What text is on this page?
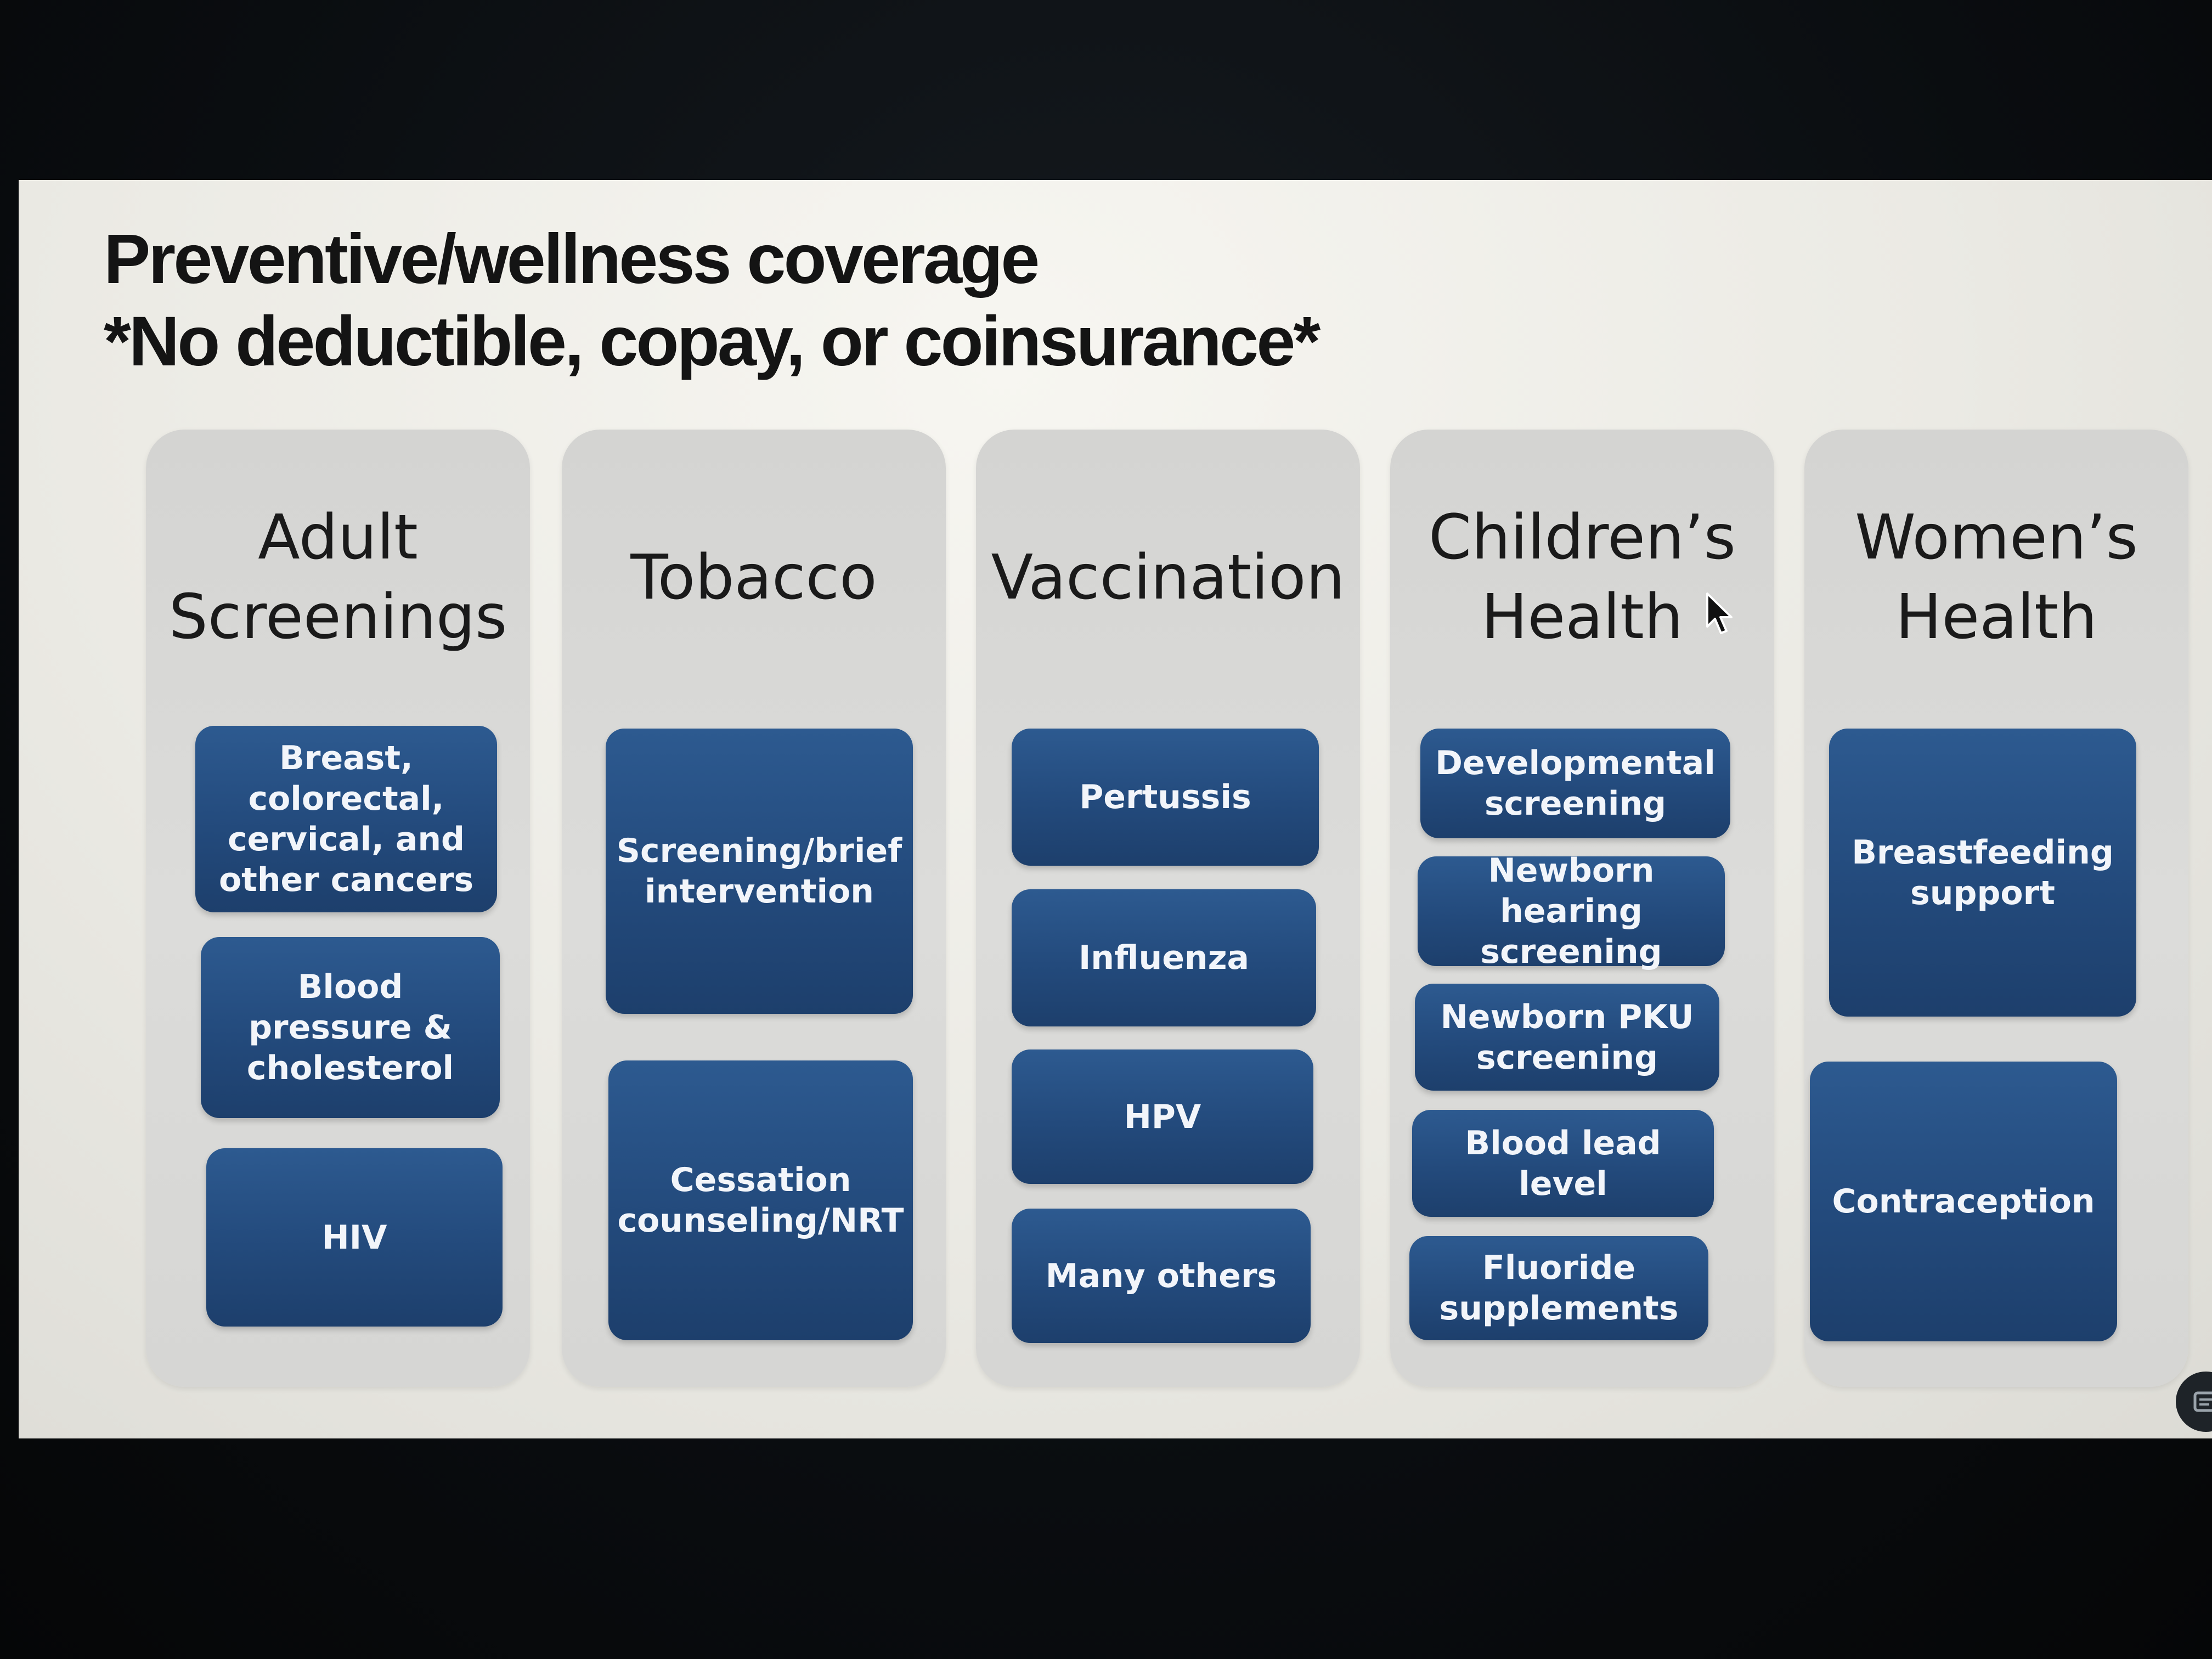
Preventive/wellness coverage
*No deductible, copay, or coinsurance*
Adult
Screenings
Breast, colorectal,
cervical, and
other cancers
Blood pressure &
cholesterol
HIV
Tobacco
Screening/brief
intervention
Cessation
counseling/NRT
Vaccination
Pertussis
Influenza
HPV
Many others
Children’s
Health
Developmental
screening
Newborn hearing
screening
Newborn PKU
screening
Blood lead level
Fluoride
supplements
Women’s
Health
Breastfeeding
support
Contraception
